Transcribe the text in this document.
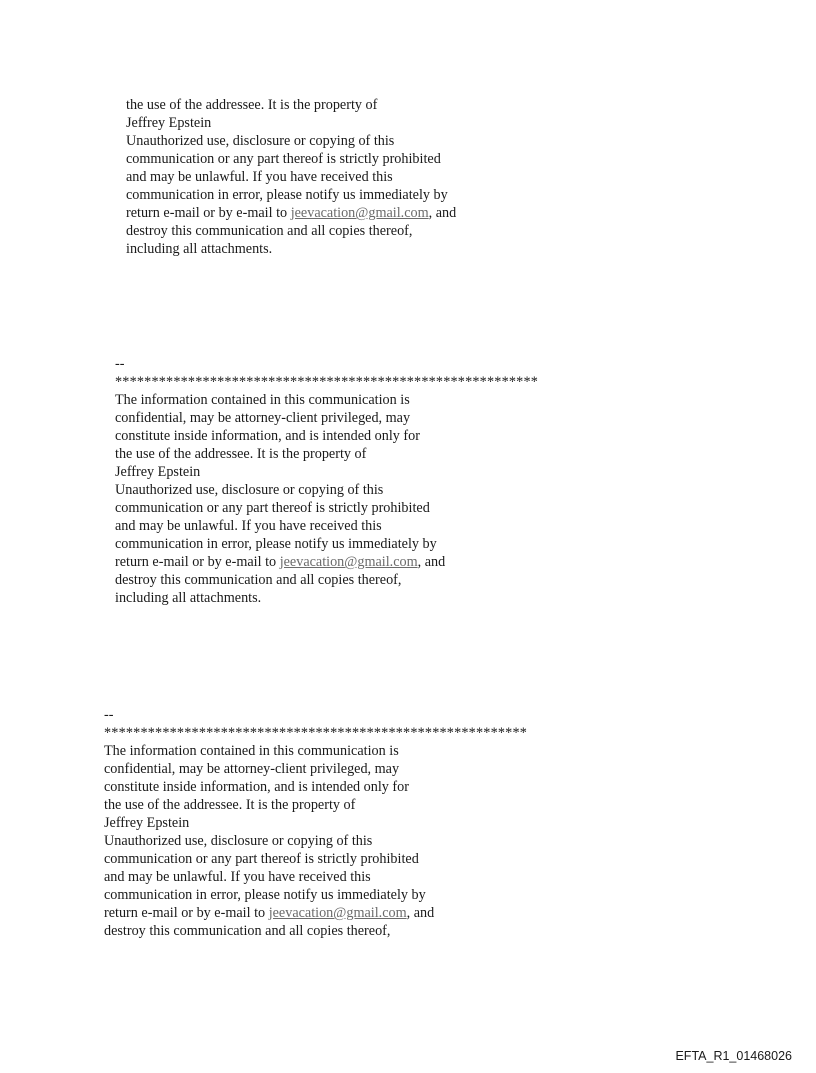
the use of the addressee. It is the property of
Jeffrey Epstein
Unauthorized use, disclosure or copying of this
communication or any part thereof is strictly prohibited
and may be unlawful. If you have received this
communication in error, please notify us immediately by
return e-mail or by e-mail to jeevacation@gmail.com, and
destroy this communication and all copies thereof,
including all attachments.
--
**********************************************************
The information contained in this communication is
confidential, may be attorney-client privileged, may
constitute inside information, and is intended only for
the use of the addressee. It is the property of
Jeffrey Epstein
Unauthorized use, disclosure or copying of this
communication or any part thereof is strictly prohibited
and may be unlawful. If you have received this
communication in error, please notify us immediately by
return e-mail or by e-mail to jeevacation@gmail.com, and
destroy this communication and all copies thereof,
including all attachments.
--
**********************************************************
The information contained in this communication is
confidential, may be attorney-client privileged, may
constitute inside information, and is intended only for
the use of the addressee. It is the property of
Jeffrey Epstein
Unauthorized use, disclosure or copying of this
communication or any part thereof is strictly prohibited
and may be unlawful. If you have received this
communication in error, please notify us immediately by
return e-mail or by e-mail to jeevacation@gmail.com, and
destroy this communication and all copies thereof,
EFTA_R1_01468026
